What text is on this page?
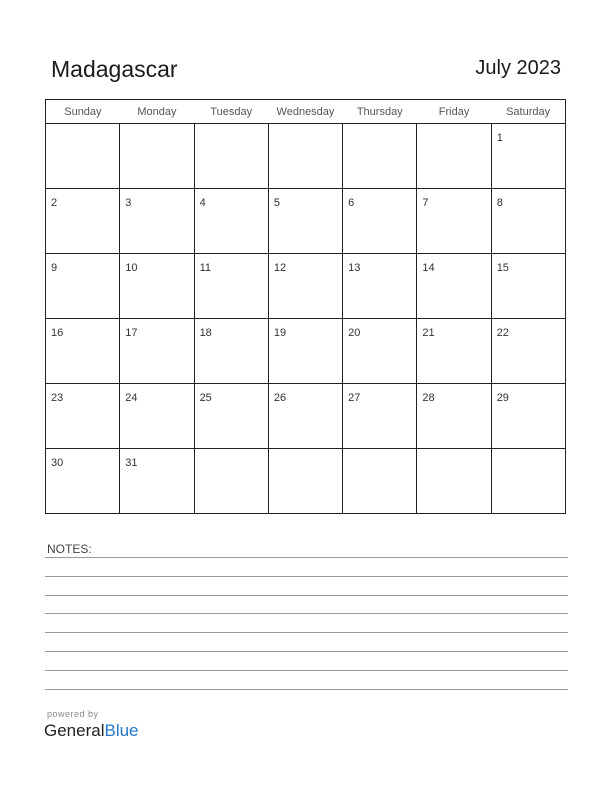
Madagascar	July 2023
Sunday	Monday	Tuesday	Wednesday	Thursday	Friday	Saturday

						1

2	3	4	5	6	7	8

9	10	11	12	13	14	15

16	17	18	19	20	21	22

23	24	25	26	27	28	29

30	31					

NOTES:
powered by
GeneralBlue
